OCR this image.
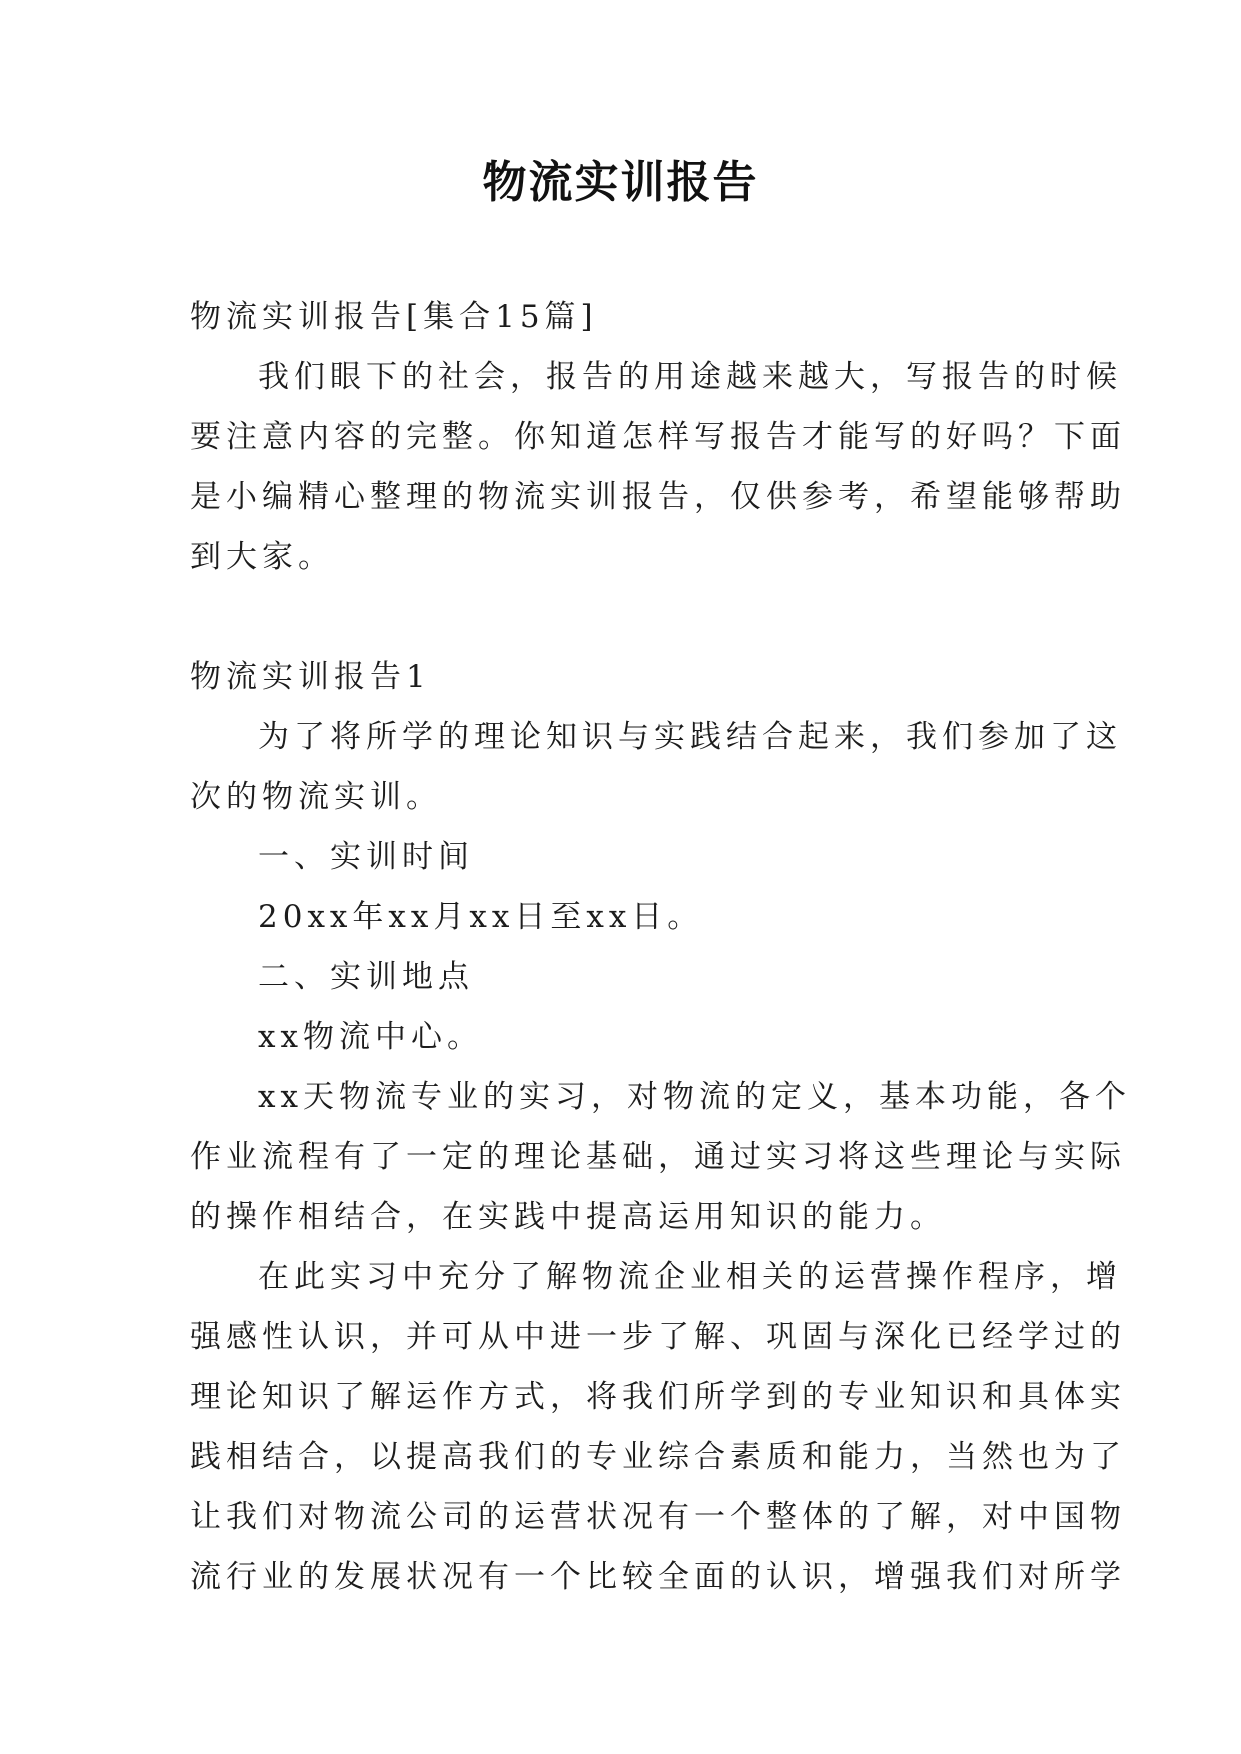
物流实训报告

物流实训报告[集合15篇]

我们眼下的社会，报告的用途越来越大，写报告的时候

要注意内容的完整。你知道怎样写报告才能写的好吗？下面

是小编精心整理的物流实训报告，仅供参考，希望能够帮助

到大家。

物流实训报告1

为了将所学的理论知识与实践结合起来，我们参加了这

次的物流实训。

一、实训时间

20xx年xx月xx日至xx日。

二、实训地点

xx物流中心。

xx天物流专业的实习，对物流的定义，基本功能，各个

作业流程有了一定的理论基础，通过实习将这些理论与实际

的操作相结合，在实践中提高运用知识的能力。

在此实习中充分了解物流企业相关的运营操作程序，增

强感性认识，并可从中进一步了解、巩固与深化已经学过的

理论知识了解运作方式，将我们所学到的专业知识和具体实

践相结合，以提高我们的专业综合素质和能力，当然也为了

让我们对物流公司的运营状况有一个整体的了解，对中国物

流行业的发展状况有一个比较全面的认识，增强我们对所学
